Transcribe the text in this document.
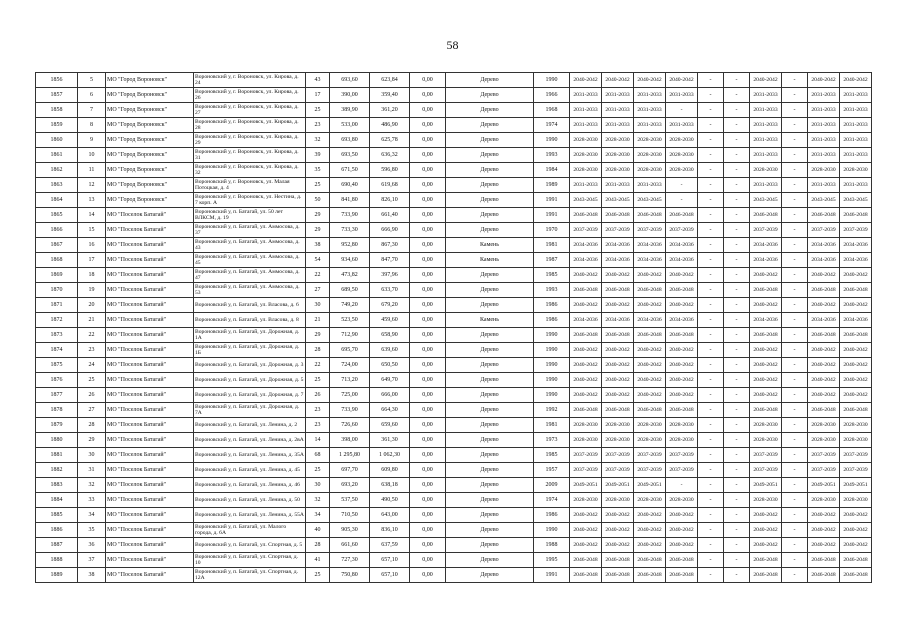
58
1856	5	МО "Город Вороновск"	Вороновский у, г. Вороновск, ул. Кирова, д. 24	43	693,60	623,84	0,00	Дерево	1990	2040-2042	2040-2042	2040-2042	2040-2042	-	-	2040-2042	-	2040-2042	2040-2042
1857	6	МО "Город Вороновск"	Вороновский у, г. Вороновск, ул. Кирова, д. 26	17	390,00	359,40	0,00	Дерево	1966	2031-2033	2031-2033	2031-2033	2031-2033	-	-	2031-2033	-	2031-2033	2031-2033
1858	7	МО "Город Вороновск"	Вороновский у, г. Вороновск, ул. Кирова, д. 27	25	389,90	361,20	0,00	Дерево	1968	2031-2033	2031-2033	2031-2033	-	-	-	2031-2033	-	2031-2033	2031-2033
1859	8	МО "Город Вороновск"	Вороновский у, г. Вороновск, ул. Кирова, д. 28	23	533,00	486,90	0,00	Дерево	1974	2031-2033	2031-2033	2031-2033	2031-2033	-	-	2031-2033	-	2031-2033	2031-2033
1860	9	МО "Город Вороновск"	Вороновский у, г. Вороновск, ул. Кирова, д. 29	32	693,80	625,78	0,00	Дерево	1990	2028-2030	2028-2030	2028-2030	2028-2030	-	-	2031-2033	-	2031-2033	2031-2033
1861	10	МО "Город Вороновск"	Вороновский у, г. Вороновск, ул. Кирова, д. 31	39	693,50	636,32	0,00	Дерево	1993	2028-2030	2028-2030	2028-2030	2028-2030	-	-	2031-2033	-	2031-2033	2031-2033
1862	11	МО "Город Вороновск"	Вороновский у, г. Вороновск, ул. Кирова, д. 32	35	671,50	596,80	0,00	Дерево	1984	2028-2030	2028-2030	2028-2030	2028-2030	-	-	2028-2030	-	2028-2030	2028-2030
1863	12	МО "Город Вороновск"	Вороновский у, г. Вороновск, ул. Малая Потоцкая, д. 4	25	690,40	619,68	0,00	Дерево	1989	2031-2033	2031-2033	2031-2033	-	-	-	2031-2033	-	2031-2033	2031-2033
1864	13	МО "Город Вороновск"	Вороновский у, г. Вороновск, ул. Нестина, д. 7 корп. А	50	841,80	826,10	0,00	Дерево	1991	2043-2045	2043-2045	2043-2045	-	-	-	2043-2045	-	2043-2045	2043-2045
1865	14	МО "Поселок Батагай"	Вороновский у, п. Батагай, ул. 50 лет ВЛКСМ, д. 19	29	733,90	661,40	0,00	Дерево	1991	2046-2048	2046-2048	2046-2048	2046-2048	-	-	2046-2048	-	2046-2048	2046-2048
1866	15	МО "Поселок Батагай"	Вороновский у, п. Батагай, ул. Аммосова, д. 37	29	733,30	666,90	0,00	Дерево	1970	2037-2039	2037-2039	2037-2039	2037-2039	-	-	2037-2039	-	2037-2039	2037-2039
1867	16	МО "Поселок Батагай"	Вороновский у, п. Батагай, ул. Аммосова, д. 43	38	952,80	867,30	0,00	Камень	1981	2034-2036	2034-2036	2034-2036	2034-2036	-	-	2034-2036	-	2034-2036	2034-2036
1868	17	МО "Поселок Батагай"	Вороновский у, п. Батагай, ул. Аммосова, д. 45	54	934,60	847,70	0,00	Камень	1987	2034-2036	2034-2036	2034-2036	2034-2036	-	-	2034-2036	-	2034-2036	2034-2036
1869	18	МО "Поселок Батагай"	Вороновский у, п. Батагай, ул. Аммосова, д. 47	22	473,82	397,96	0,00	Дерево	1985	2040-2042	2040-2042	2040-2042	2040-2042	-	-	2040-2042	-	2040-2042	2040-2042
1870	19	МО "Поселок Батагай"	Вороновский у, п. Батагай, ул. Аммосова, д. 53	27	689,50	633,70	0,00	Дерево	1993	2046-2048	2046-2048	2046-2048	2046-2048	-	-	2046-2048	-	2046-2048	2046-2048
1871	20	МО "Поселок Батагай"	Вороновский у, п. Батагай, ул. Власова, д. 6	30	749,20	679,20	0,00	Дерево	1986	2040-2042	2040-2042	2040-2042	2040-2042	-	-	2040-2042	-	2040-2042	2040-2042
1872	21	МО "Поселок Батагай"	Вороновский у, п. Батагай, ул. Власова, д. 8	21	523,50	459,60	0,00	Камень	1986	2034-2036	2034-2036	2034-2036	2034-2036	-	-	2034-2036	-	2034-2036	2034-2036
1873	22	МО "Поселок Батагай"	Вороновский у, п. Батагай, ул. Дорожная, д. 1А	29	712,90	658,90	0,00	Дерево	1990	2046-2048	2046-2048	2046-2048	2046-2048	-	-	2046-2048	-	2046-2048	2046-2048
1874	23	МО "Поселок Батагай"	Вороновский у, п. Батагай, ул. Дорожная, д. 1Б	28	695,70	639,60	0,00	Дерево	1990	2040-2042	2040-2042	2040-2042	2040-2042	-	-	2040-2042	-	2040-2042	2040-2042
1875	24	МО "Поселок Батагай"	Вороновский у, п. Батагай, ул. Дорожная, д. 3	22	724,00	650,50	0,00	Дерево	1990	2040-2042	2040-2042	2040-2042	2040-2042	-	-	2040-2042	-	2040-2042	2040-2042
1876	25	МО "Поселок Батагай"	Вороновский у, п. Батагай, ул. Дорожная, д. 5	25	713,20	649,70	0,00	Дерево	1990	2040-2042	2040-2042	2040-2042	2040-2042	-	-	2040-2042	-	2040-2042	2040-2042
1877	26	МО "Поселок Батагай"	Вороновский у, п. Батагай, ул. Дорожная, д. 7	26	725,00	666,00	0,00	Дерево	1990	2040-2042	2040-2042	2040-2042	2040-2042	-	-	2040-2042	-	2040-2042	2040-2042
1878	27	МО "Поселок Батагай"	Вороновский у, п. Батагай, ул. Дорожная, д. 7А	23	733,90	664,30	0,00	Дерево	1992	2046-2048	2046-2048	2046-2048	2046-2048	-	-	2046-2048	-	2046-2048	2046-2048
1879	28	МО "Поселок Батагай"	Вороновский у, п. Батагай, ул. Ленина, д. 2	23	726,60	659,60	0,00	Дерево	1981	2028-2030	2028-2030	2028-2030	2028-2030	-	-	2028-2030	-	2028-2030	2028-2030
1880	29	МО "Поселок Батагай"	Вороновский у, п. Батагай, ул. Ленина, д. 2вА	14	398,00	361,30	0,00	Дерево	1973	2028-2030	2028-2030	2028-2030	2028-2030	-	-	2028-2030	-	2028-2030	2028-2030
1881	30	МО "Поселок Батагай"	Вороновский у, п. Батагай, ул. Ленина, д. 35А	68	1 295,80	1 062,30	0,00	Дерево	1985	2037-2039	2037-2039	2037-2039	2037-2039	-	-	2037-2039	-	2037-2039	2037-2039
1882	31	МО "Поселок Батагай"	Вороновский у, п. Батагай, ул. Ленина, д. 45	25	697,70	609,80	0,00	Дерево	1957	2037-2039	2037-2039	2037-2039	2037-2039	-	-	2037-2039	-	2037-2039	2037-2039
1883	32	МО "Поселок Батагай"	Вороновский у, п. Батагай, ул. Ленина, д. 46	30	693,20	638,18	0,00	Дерево	2009	2049-2051	2049-2051	2049-2051	-	-	-	2049-2051	-	2049-2051	2049-2051
1884	33	МО "Поселок Батагай"	Вороновский у, п. Батагай, ул. Ленина, д. 50	32	537,50	490,50	0,00	Дерево	1974	2028-2030	2028-2030	2028-2030	2028-2030	-	-	2028-2030	-	2028-2030	2028-2030
1885	34	МО "Поселок Батагай"	Вороновский у, п. Батагай, ул. Ленина, д. 55А	34	710,50	643,00	0,00	Дерево	1986	2040-2042	2040-2042	2040-2042	2040-2042	-	-	2040-2042	-	2040-2042	2040-2042
1886	35	МО "Поселок Батагай"	Вороновский у, п. Батагай, ул. Малого города, д. 6А	40	905,30	836,10	0,00	Дерево	1990	2040-2042	2040-2042	2040-2042	2040-2042	-	-	2040-2042	-	2040-2042	2040-2042
1887	36	МО "Поселок Батагай"	Вороновский у, п. Батагай, ул. Спортная, д. 5	28	661,60	637,59	0,00	Дерево	1988	2040-2042	2040-2042	2040-2042	2040-2042	-	-	2040-2042	-	2040-2042	2040-2042
1888	37	МО "Поселок Батагай"	Вороновский у, п. Батагай, ул. Спортная, д. 10	41	727,30	657,10	0,00	Дерево	1995	2046-2048	2046-2048	2046-2048	2046-2048	-	-	2046-2048	-	2046-2048	2046-2048
1889	38	МО "Поселок Батагай"	Вороновский у, п. Батагай, ул. Спортная, д. 12А	25	750,80	657,10	0,00	Дерево	1991	2046-2048	2046-2048	2046-2048	2046-2048	-	-	2046-2048	-	2046-2048	2046-2048
